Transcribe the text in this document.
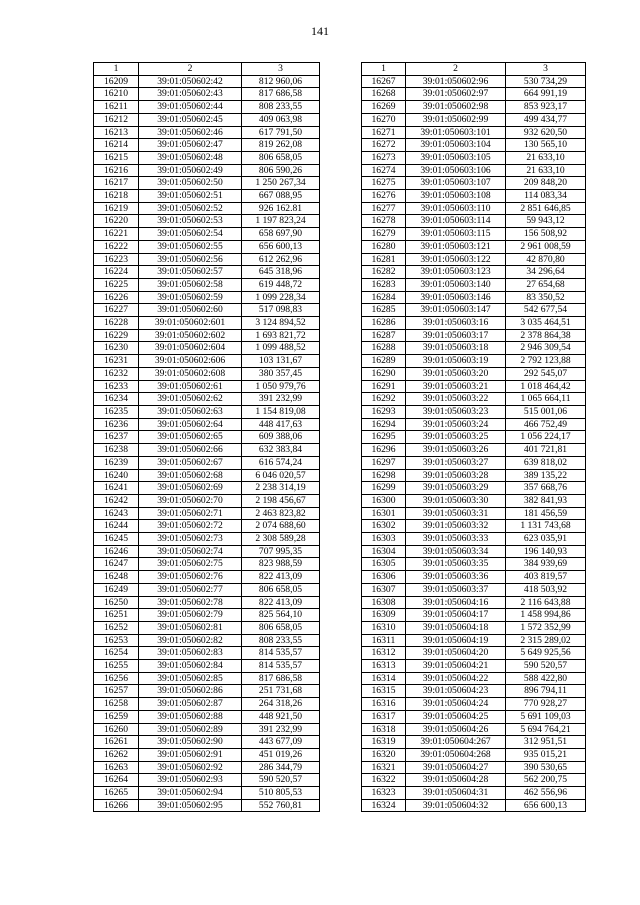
141
1	2	3
16209	39:01:050602:42	812 960,06
16210	39:01:050602:43	817 686,58
16211	39:01:050602:44	808 233,55
16212	39:01:050602:45	409 063,98
16213	39:01:050602:46	617 791,50
16214	39:01:050602:47	819 262,08
16215	39:01:050602:48	806 658,05
16216	39:01:050602:49	806 590,26
16217	39:01:050602:50	1 250 267,34
16218	39:01:050602:51	667 088,95
16219	39:01:050602:52	926 162.81
16220	39:01:050602:53	1 197 823,24
16221	39:01:050602:54	658 697,90
16222	39:01:050602:55	656 600,13
16223	39:01:050602:56	612 262,96
16224	39:01:050602:57	645 318,96
16225	39:01:050602:58	619 448,72
16226	39:01:050602:59	1 099 228,34
16227	39:01:050602:60	517 098,83
16228	39:01:050602:601	3 124 894,52
16229	39:01:050602:602	1 693 821,72
16230	39:01:050602:604	1 099 488,52
16231	39:01:050602:606	103 131,67
16232	39:01:050602:608	380 357,45
16233	39:01:050602:61	1 050 979,76
16234	39:01:050602:62	391 232,99
16235	39:01:050602:63	1 154 819,08
16236	39:01:050602:64	448 417,63
16237	39:01:050602:65	609 388,06
16238	39:01:050602:66	632 383,84
16239	39:01:050602:67	616 574,24
16240	39:01:050602:68	6 046 020,57
16241	39:01:050602:69	2 238 314,19
16242	39:01:050602:70	2 198 456,67
16243	39:01:050602:71	2 463 823,82
16244	39:01:050602:72	2 074 688,60
16245	39:01:050602:73	2 308 589,28
16246	39:01:050602:74	707 995,35
16247	39:01:050602:75	823 988,59
16248	39:01:050602:76	822 413,09
16249	39:01:050602:77	806 658,05
16250	39:01:050602:78	822 413,09
16251	39:01:050602:79	825 564,10
16252	39:01:050602:81	806 658,05
16253	39:01:050602:82	808 233,55
16254	39:01:050602:83	814 535,57
16255	39:01:050602:84	814 535,57
16256	39:01:050602:85	817 686,58
16257	39:01:050602:86	251 731,68
16258	39:01:050602:87	264 318,26
16259	39:01:050602:88	448 921,50
16260	39:01:050602:89	391 232,99
16261	39:01:050602:90	443 677,09
16262	39:01:050602:91	451 019,26
16263	39:01:050602:92	286 344,79
16264	39:01:050602:93	590 520,57
16265	39:01:050602:94	510 805,53
16266	39:01:050602:95	552 760,81
1	2	3
16267	39:01:050602:96	530 734,29
16268	39:01:050602:97	664 991,19
16269	39:01:050602:98	853 923,17
16270	39:01:050602:99	499 434,77
16271	39:01:050603:101	932 620,50
16272	39:01:050603:104	130 565,10
16273	39:01:050603:105	21 633,10
16274	39:01:050603:106	21 633,10
16275	39:01:050603:107	209 848,20
16276	39:01:050603:108	114 083,34
16277	39:01:050603:110	2 851 646,85
16278	39:01:050603:114	59 943,12
16279	39:01:050603:115	156 508,92
16280	39:01:050603:121	2 961 008,59
16281	39:01:050603:122	42 870,80
16282	39:01:050603:123	34 296,64
16283	39:01:050603:140	27 654,68
16284	39:01:050603:146	83 350,52
16285	39:01:050603:147	542 677,54
16286	39:01:050603:16	3 035 464,51
16287	39:01:050603:17	2 378 864,38
16288	39:01:050603:18	2 946 309,54
16289	39:01:050603:19	2 792 123,88
16290	39:01:050603:20	292 545,07
16291	39:01:050603:21	1 018 464,42
16292	39:01:050603:22	1 065 664,11
16293	39:01:050603:23	515 001,06
16294	39:01:050603:24	466 752,49
16295	39:01:050603:25	1 056 224,17
16296	39:01:050603:26	401 721,81
16297	39:01:050603:27	639 818,02
16298	39:01:050603:28	389 135,22
16299	39:01:050603:29	357 668,76
16300	39:01:050603:30	382 841,93
16301	39:01:050603:31	181 456,59
16302	39:01:050603:32	1 131 743,68
16303	39:01:050603:33	623 035,91
16304	39:01:050603:34	196 140,93
16305	39:01:050603:35	384 939,69
16306	39:01:050603:36	403 819,57
16307	39:01:050603:37	418 503,92
16308	39:01:050604:16	2 116 643,88
16309	39:01:050604:17	1 458 994,86
16310	39:01:050604:18	1 572 352,99
16311	39:01:050604:19	2 315 289,02
16312	39:01:050604:20	5 649 925,56
16313	39:01:050604:21	590 520,57
16314	39:01:050604:22	588 422,80
16315	39:01:050604:23	896 794,11
16316	39:01:050604:24	770 928,27
16317	39:01:050604:25	5 691 109,03
16318	39:01:050604:26	5 694 764,21
16319	39:01:050604:267	312 951,51
16320	39:01:050604:268	935 015,21
16321	39:01:050604:27	390 530,65
16322	39:01:050604:28	562 200,75
16323	39:01:050604:31	462 556,96
16324	39:01:050604:32	656 600,13
